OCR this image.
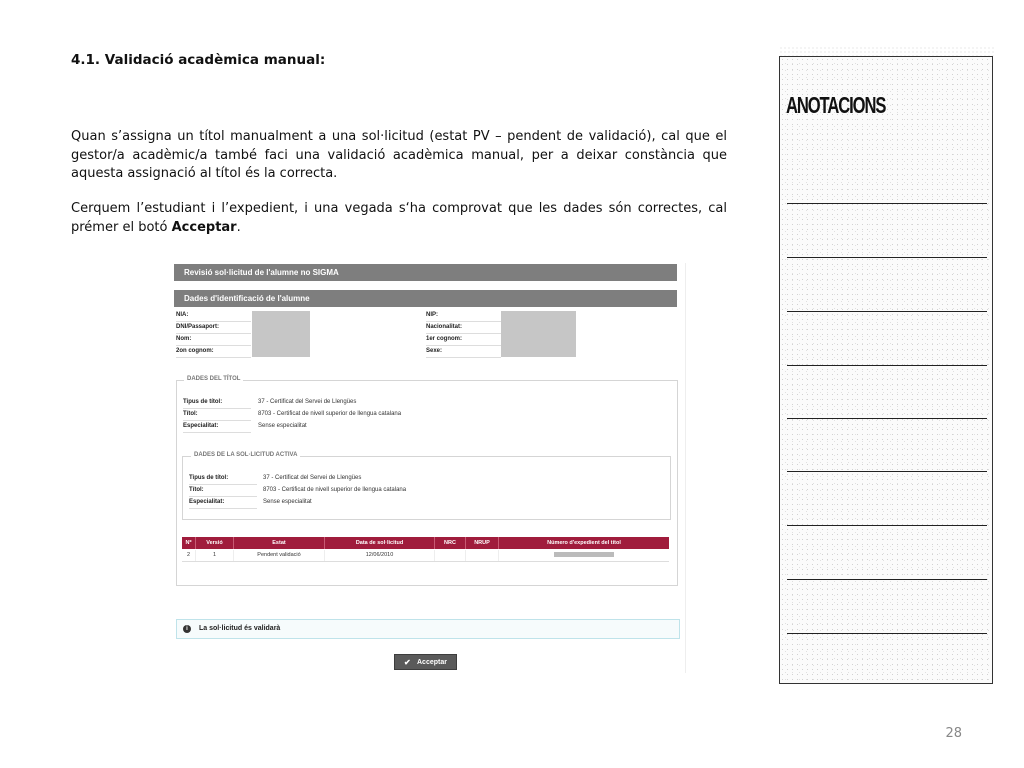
4.1. Validació acadèmica manual:
Quan s’assigna un títol manualment a una sol·licitud (estat PV – pendent de validació), cal que el gestor/a acadèmic/a també faci una validació acadèmica manual, per a deixar constància que aquesta assignació al títol és la correcta.
Cerquem l’estudiant i l’expedient, i una vegada s‘ha comprovat que les dades són correctes, cal prémer el botó Acceptar.
Revisió sol·licitud de l'alumne no SIGMA
Dades d'identificació de l'alumne
NIA:
DNI/Passaport:
Nom:
2on cognom:
NIP:
Nacionalitat:
1er cognom:
Sexe:
DADES DEL TÍTOL
Tipus de títol:	37 - Certificat del Servei de Llengües
Títol:	8703 - Certificat de nivell superior de llengua catalana
Especialitat:	Sense especialitat
DADES DE LA SOL·LICITUD ACTIVA
Tipus de títol:	37 - Certificat del Servei de Llengües
Títol:	8703 - Certificat de nivell superior de llengua catalana
Especialitat:	Sense especialitat
Nº	Versió	Estat	Data de sol·licitud	NRC	NRUP	Número d'expedient del títol
2	1	Pendent validació	12/06/2010
i	La sol·licitud és validarà
✔ Acceptar
ANOTACIONS
28
